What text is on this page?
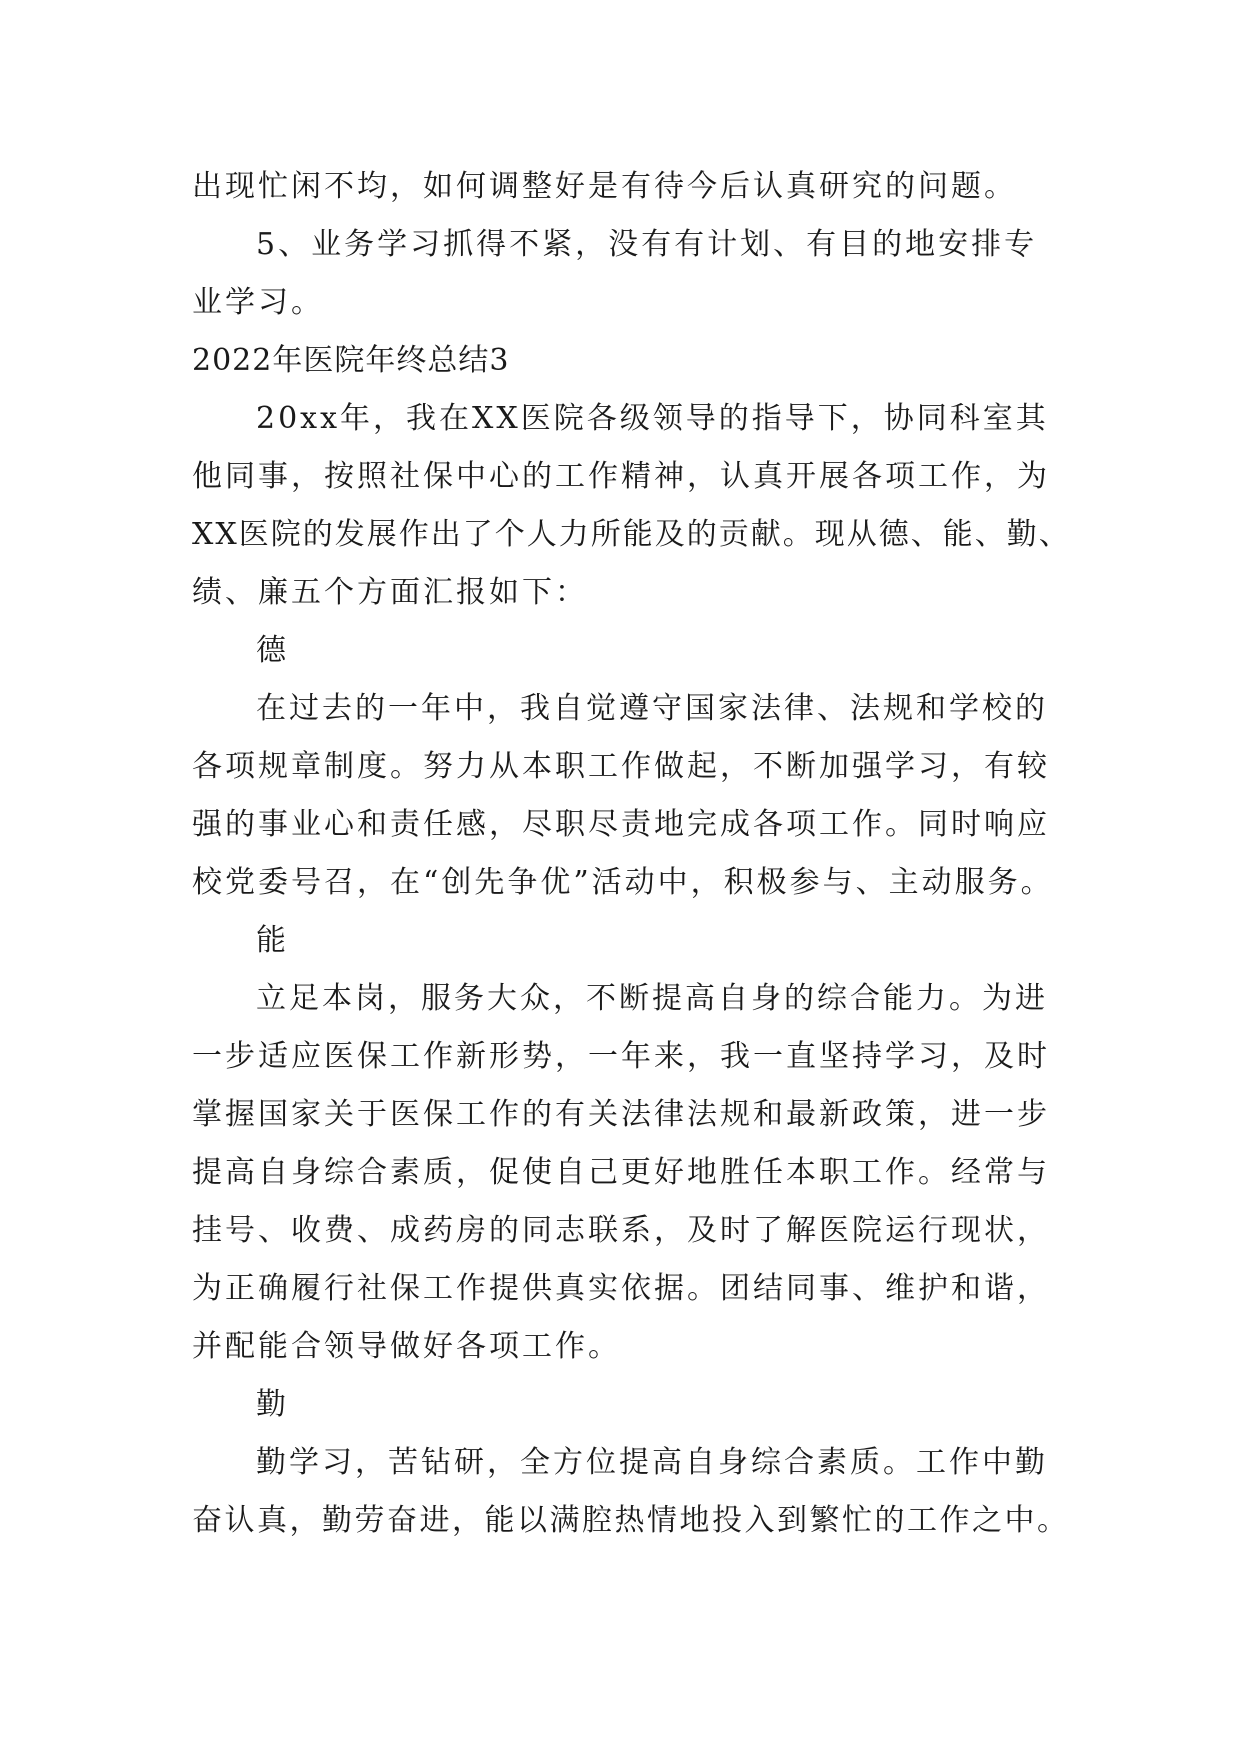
出现忙闲不均，如何调整好是有待今后认真研究的问题。
5、业务学习抓得不紧，没有有计划、有目的地安排专
业学习。
2022年医院年终总结3
20xx年，我在XX医院各级领导的指导下，协同科室其
他同事，按照社保中心的工作精神，认真开展各项工作，为
XX医院的发展作出了个人力所能及的贡献。现从德、能、勤、
绩、廉五个方面汇报如下：
德
在过去的一年中，我自觉遵守国家法律、法规和学校的
各项规章制度。努力从本职工作做起，不断加强学习，有较
强的事业心和责任感，尽职尽责地完成各项工作。同时响应
校党委号召，在“创先争优”活动中，积极参与、主动服务。
能
立足本岗，服务大众，不断提高自身的综合能力。为进
一步适应医保工作新形势，一年来，我一直坚持学习，及时
掌握国家关于医保工作的有关法律法规和最新政策，进一步
提高自身综合素质，促使自己更好地胜任本职工作。经常与
挂号、收费、成药房的同志联系，及时了解医院运行现状，
为正确履行社保工作提供真实依据。团结同事、维护和谐，
并配能合领导做好各项工作。
勤
勤学习，苦钻研，全方位提高自身综合素质。工作中勤
奋认真，勤劳奋进，能以满腔热情地投入到繁忙的工作之中。
